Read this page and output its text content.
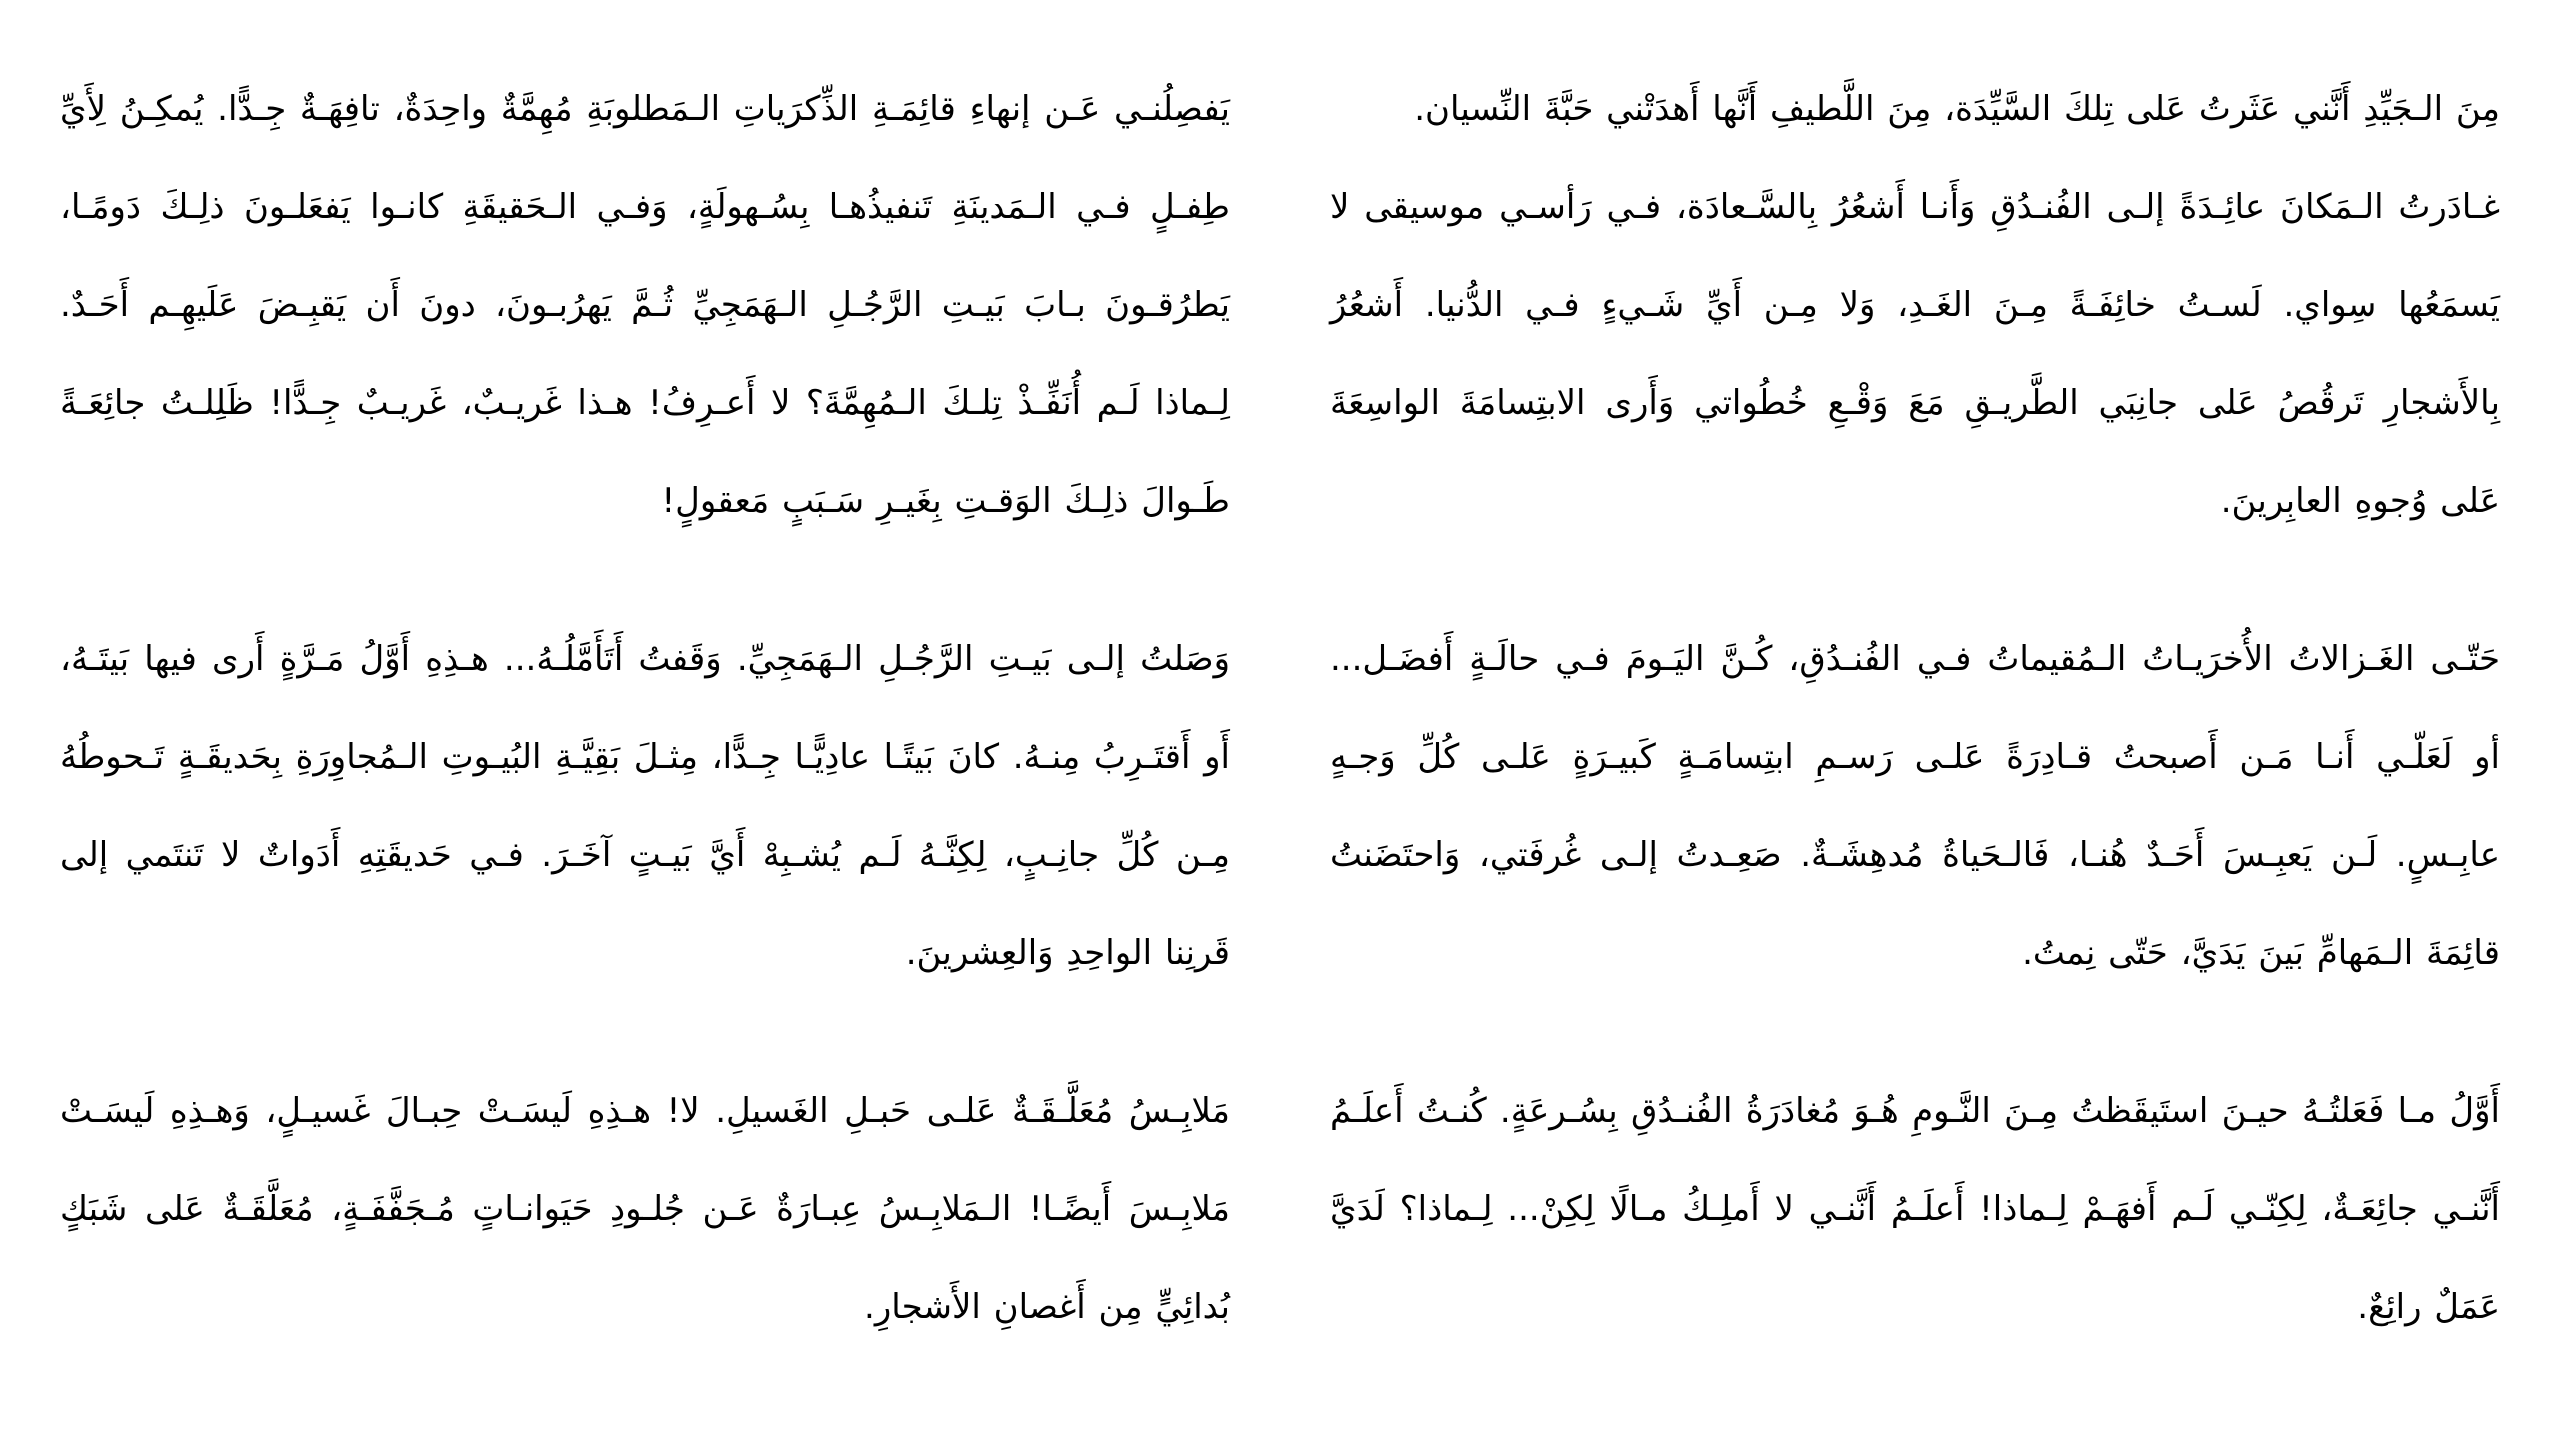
مِنَ الـجَيِّدِ أَنَّني عَثَرتُ عَلى تِلكَ السَّيِّدَة، مِنَ اللَّطيفِ أَنَّها أَهدَتْني حَبَّةَ النِّسيان.

غـادَرتُ الـمَكانَ عائِـدَةً إلـى الفُنـدُقِ وَأَنـا أَشعُرُ بِالسَّـعادَة، فـي رَأسـي موسيقى لا يَسمَعُها سِواي. لَسـتُ خائِفَـةً مِـنَ الغَـدِ، وَلا مِـن أَيِّ شَـيءٍ فـي الدُّنيا. أَشعُرُ بِالأَشجارِ تَرقُصُ عَلى جانِبَي الطَّريـقِ مَعَ وَقْـعِ خُطُواتي وَأَرى الابتِسامَةَ الواسِعَةَ عَلى وُجوهِ العابِرينَ.

حَتّـى الغَـزالاتُ الأُخرَيـاتُ الـمُقيماتُ فـي الفُنـدُقِ، كُـنَّ اليَـومَ فـي حالَـةٍ أَفضَـل... أو لَعَلّـي أَنـا مَـن أَصبحتُ قـادِرَةً عَلـى رَسـمِ ابتِسامَـةٍ كَبيـرَةٍ عَلـى كُلِّ وَجـهٍ عابِـسٍ. لَـن يَعبِـسَ أَحَـدٌ هُنـا، فَالـحَياةُ مُدهِشَـةٌ. صَعِـدتُ إلـى غُرفَتي، وَاحتَضَنتُ قائِمَةَ الـمَهامِّ بَينَ يَدَيَّ، حَتّى نِمتُ.

أَوَّلُ مـا فَعَلتُـهُ حيـنَ استَيقَظتُ مِـنَ النَّـومِ هُـوَ مُغادَرَةُ الفُنـدُقِ بِسُـرعَةٍ. كُنـتُ أَعلَـمُ أَنَّنـي جائِعَـةٌ، لِكِنّـي لَـم أَفهَـمْ لِـماذا! أَعلَـمُ أَنَّنـي لا أَملِـكُ مـالًا لِكِنْ... لِـماذا؟ لَدَيَّ عَمَلٌ رائِعٌ.

يَفصِلُنـي عَـن إنهاءِ قائِمَـةِ الذِّكرَياتِ الـمَطلوبَةِ مُهِمَّةٌ واحِدَةٌ، تافِهَـةٌ جِـدًّا. يُمكِـنُ لِأَيِّ طِفـلٍ فـي الـمَدينَةِ تَنفيذُهـا بِسُـهولَةٍ، وَفـي الـحَقيقَةِ كانـوا يَفعَلـونَ ذلِـكَ دَومًـا، يَطرُقـونَ بـابَ بَيـتِ الرَّجُـلِ الـهَمَجِيِّ ثُـمَّ يَهرُبـونَ، دونَ أَن يَقبِـضَ عَلَيهِـم أَحَـدٌ. لِـماذا لَـم أُنَفِّـذْ تِلـكَ الـمُهِمَّةَ؟ لا أَعـرِفُ! هـذا غَريـبٌ، غَريـبٌ جِـدًّا! ظَلِلـتُ جائِعَـةً طَـوالَ ذلِـكَ الوَقـتِ بِغَيـرِ سَـبَبٍ مَعقولٍ!

وَصَلتُ إلـى بَيـتِ الرَّجُـلِ الـهَمَجِيِّ. وَقَفتُ أَتَأَمَّلُـهُ... هـذِهِ أَوَّلُ مَـرَّةٍ أَرى فيها بَيتَـهُ، أَو أَقتَـرِبُ مِنـهُ. كانَ بَيتًـا عادِيًّـا جِـدًّا، مِثـلَ بَقِيَّـةِ البُيـوتِ الـمُجاوِرَةِ بِحَديقَـةٍ تَـحوطُهُ مِـن كُلِّ جانِـبٍ، لِكِنَّـهُ لَـم يُشـبِهْ أَيَّ بَيـتٍ آخَـرَ. فـي حَديقَتِهِ أَدَواتٌ لا تَنتَمي إلى قَرنِنا الواحِدِ وَالعِشرينَ.

مَلابِـسُ مُعَلَّـقَـةٌ عَلـى حَبـلِ الغَسيلِ. لا! هـذِهِ لَيسَـتْ حِبـالَ غَسيـلٍ، وَهـذِهِ لَيسَـتْ مَلابِـسَ أَيضًـا! الـمَلابِـسُ عِبـارَةٌ عَـن جُلـودِ حَيَوانـاتٍ مُـجَفَّفَـةٍ، مُعَلَّقَـةٌ عَلى شَبَكٍ بُدائِيٍّ مِن أَغصانِ الأَشجارِ.
